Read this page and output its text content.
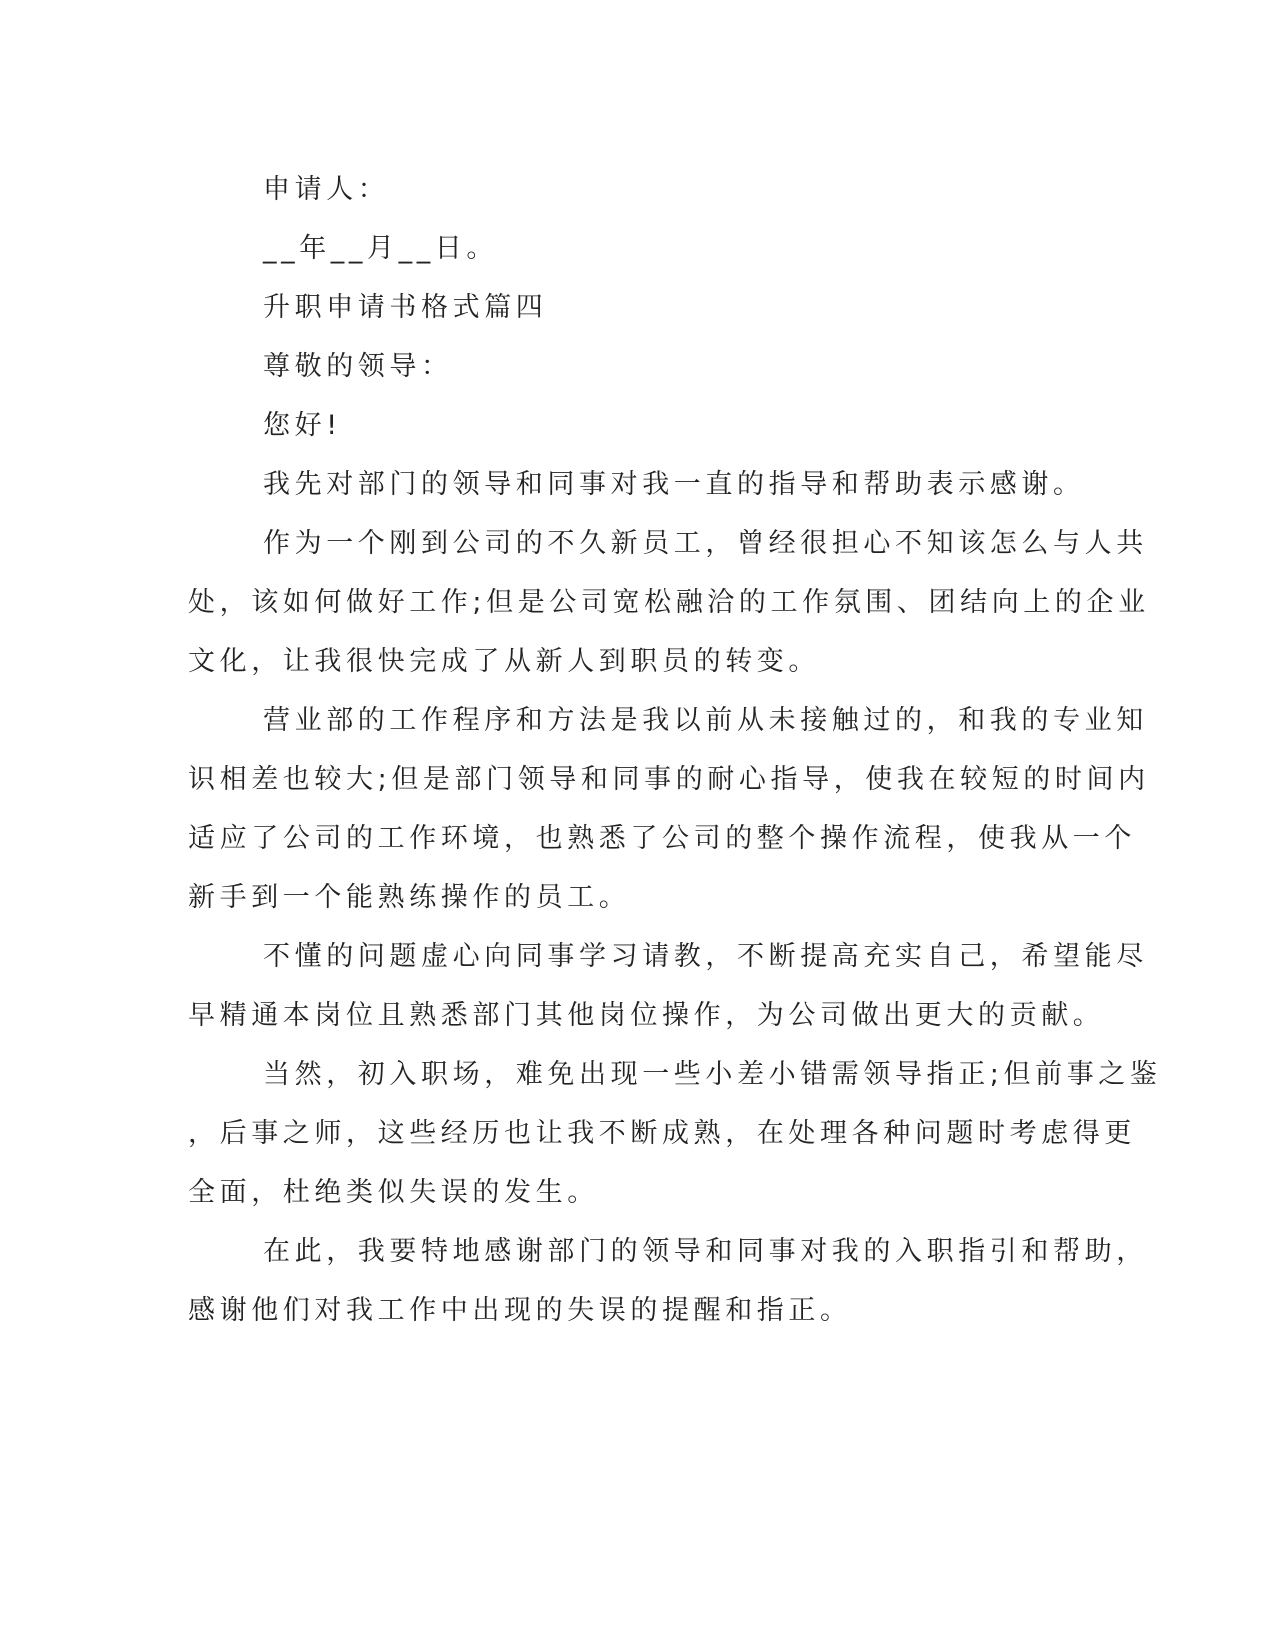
申请人：

__年__月__日。

升职申请书格式篇四

尊敬的领导：

您好!

我先对部门的领导和同事对我一直的指导和帮助表示感谢。

作为一个刚到公司的不久新员工，曾经很担心不知该怎么与人共

处，该如何做好工作;但是公司宽松融洽的工作氛围、团结向上的企业

文化，让我很快完成了从新人到职员的转变。

营业部的工作程序和方法是我以前从未接触过的，和我的专业知

识相差也较大;但是部门领导和同事的耐心指导，使我在较短的时间内

适应了公司的工作环境，也熟悉了公司的整个操作流程，使我从一个

新手到一个能熟练操作的员工。

不懂的问题虚心向同事学习请教，不断提高充实自己，希望能尽

早精通本岗位且熟悉部门其他岗位操作，为公司做出更大的贡献。

当然，初入职场，难免出现一些小差小错需领导指正;但前事之鉴

，后事之师，这些经历也让我不断成熟，在处理各种问题时考虑得更

全面，杜绝类似失误的发生。

在此，我要特地感谢部门的领导和同事对我的入职指引和帮助，

感谢他们对我工作中出现的失误的提醒和指正。
